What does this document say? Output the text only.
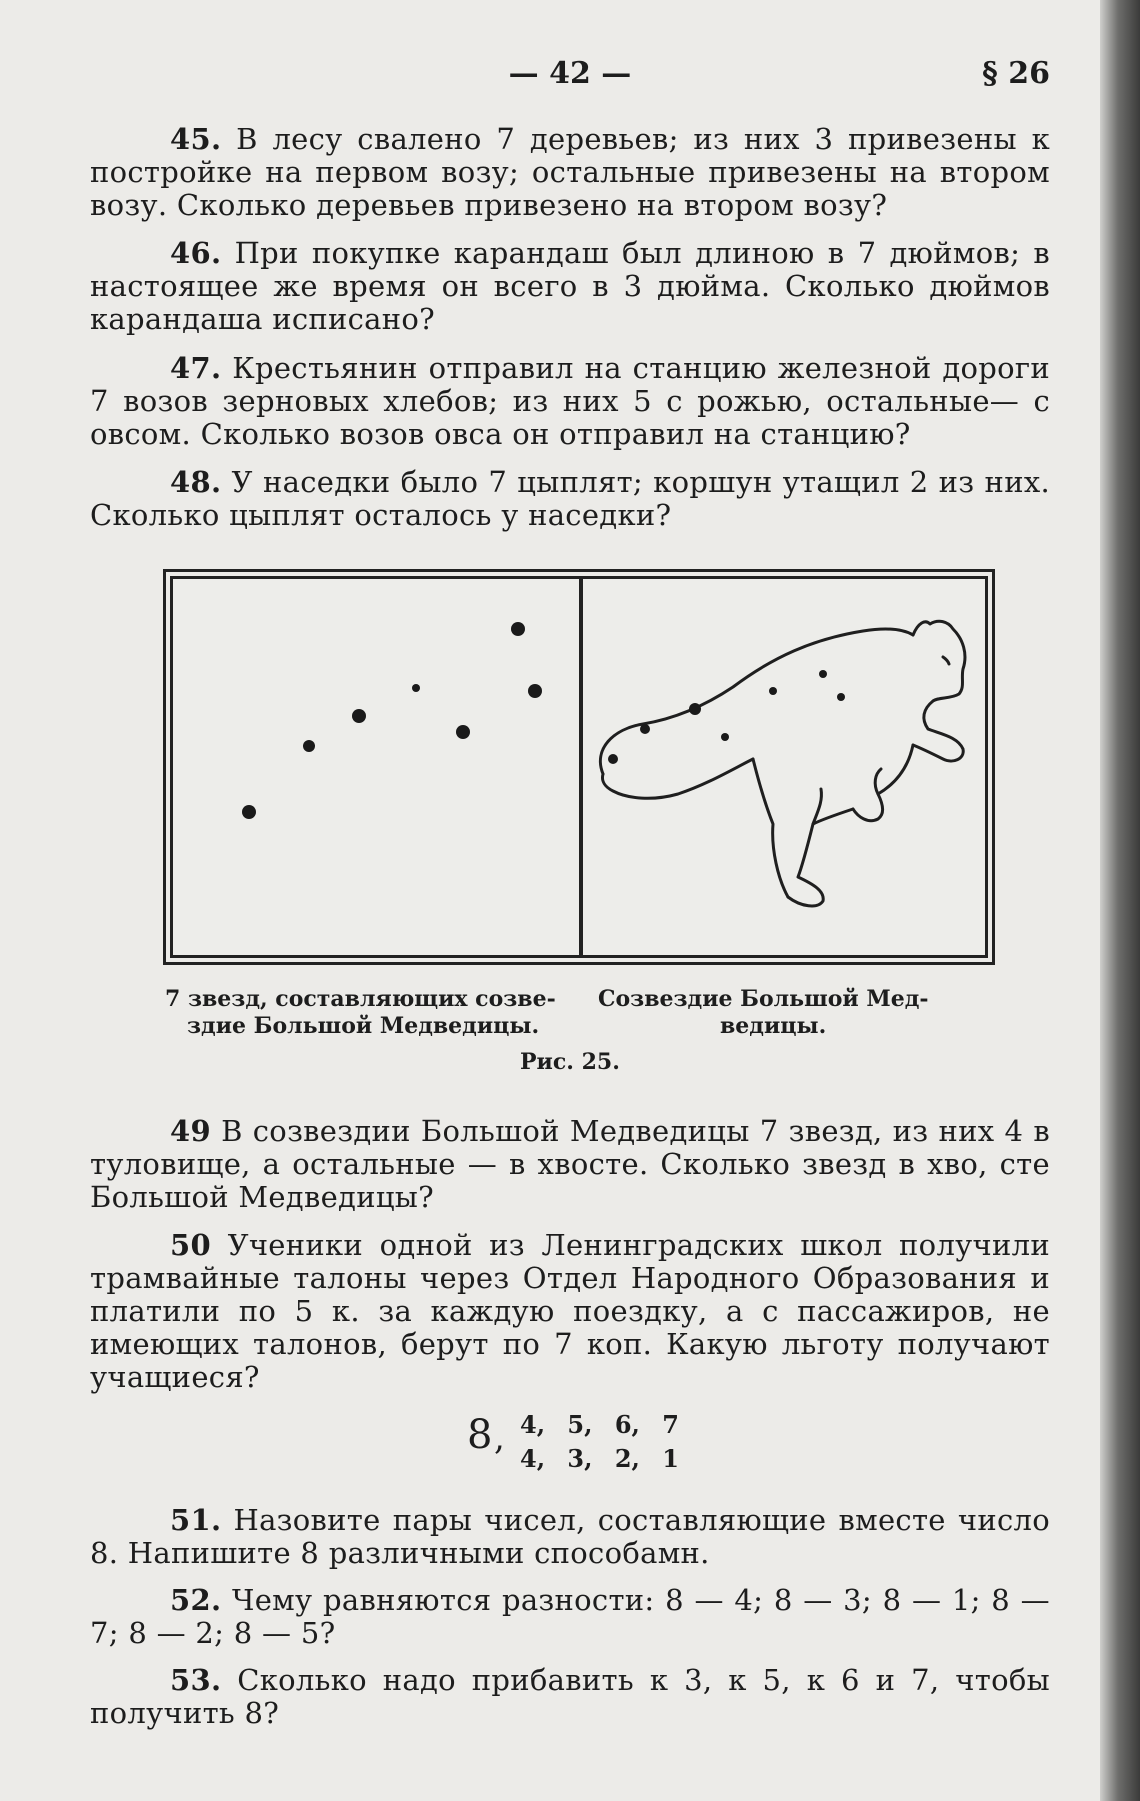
— 42 —	§ 26
45. В лесу свалено 7 деревьев; из них 3 привезены к постройке на первом возу; остальные привезены на втором возу. Сколько деревьев привезено на втором возу?
46. При покупке карандаш был длиною в 7 дюймов; в настоящее же время он всего в 3 дюйма. Сколько дюймов карандаша исписано?
47. Крестьянин отправил на станцию железной дороги 7 возов зерновых хлебов; из них 5 с рожью, остальные— с овсом. Сколько возов овса он отправил на станцию?
48. У наседки было 7 цыплят; коршун утащил 2 из них. Сколько цыплят осталось у наседки?
7 звезд, составляющих созве-
здие Большой Медведицы.
Созвездие Большой Мед-
ведицы.
Рис. 25.
49 В созвездии Большой Медведицы 7 звезд, из них 4 в туловище, а остальные — в хвосте. Сколько звезд в хво, сте Большой Медведицы?
50 Ученики одной из Ленинградских школ получили трамвайные талоны через Отдел Народного Образования и платили по 5 к. за каждую поездку, а с пассажиров, не имеющих талонов, берут по 7 коп. Какую льготу получают учащиеся?
8 , 4, 5, 6, 7
4, 3, 2, 1
51. Назовите пары чисел, составляющие вместе число 8. Напишите 8 различными способамн.
52. Чему равняются разности: 8 — 4; 8 — 3; 8 — 1; 8 — 7; 8 — 2; 8 — 5?
53. Сколько надо прибавить к 3, к 5, к 6 и 7, чтобы получить 8?
